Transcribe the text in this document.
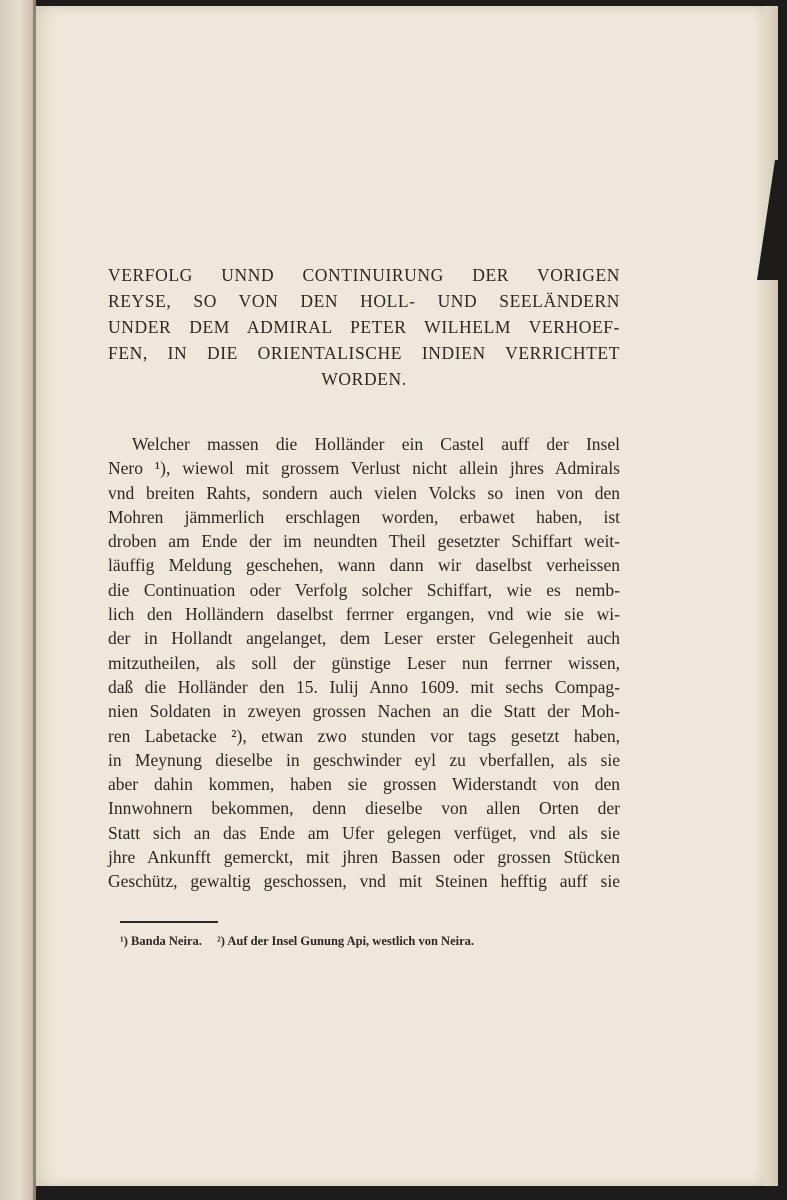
VERFOLG UNND CONTINUIRUNG DER VORIGEN
REYSE, SO VON DEN HOLL- UND SEELÄNDERN
UNDER DEM ADMIRAL PETER WILHELM VERHOEF-
FEN, IN DIE ORIENTALISCHE INDIEN VERRICHTET
WORDEN.
Welcher massen die Holländer ein Castel auff der Insel
Nero ¹), wiewol mit grossem Verlust nicht allein jhres Admirals
vnd breiten Rahts, sondern auch vielen Volcks so inen von den
Mohren jämmerlich erschlagen worden, erbawet haben, ist
droben am Ende der im neundten Theil gesetzter Schiffart weit-
läuffig Meldung geschehen, wann dann wir daselbst verheissen
die Continuation oder Verfolg solcher Schiffart, wie es nemb-
lich den Holländern daselbst ferrner ergangen, vnd wie sie wi-
der in Hollandt angelanget, dem Leser erster Gelegenheit auch
mitzutheilen, als soll der günstige Leser nun ferrner wissen,
daß die Holländer den 15. Iulij Anno 1609. mit sechs Compag-
nien Soldaten in zweyen grossen Nachen an die Statt der Moh-
ren Labetacke ²), etwan zwo stunden vor tags gesetzt haben,
in Meynung dieselbe in geschwinder eyl zu vberfallen, als sie
aber dahin kommen, haben sie grossen Widerstandt von den
Innwohnern bekommen, denn dieselbe von allen Orten der
Statt sich an das Ende am Ufer gelegen verfüget, vnd als sie
jhre Ankunfft gemerckt, mit jhren Bassen oder grossen Stücken
Geschütz, gewaltig geschossen, vnd mit Steinen hefftig auff sie
¹) Banda Neira. ²) Auf der Insel Gunung Api, westlich von Neira.
